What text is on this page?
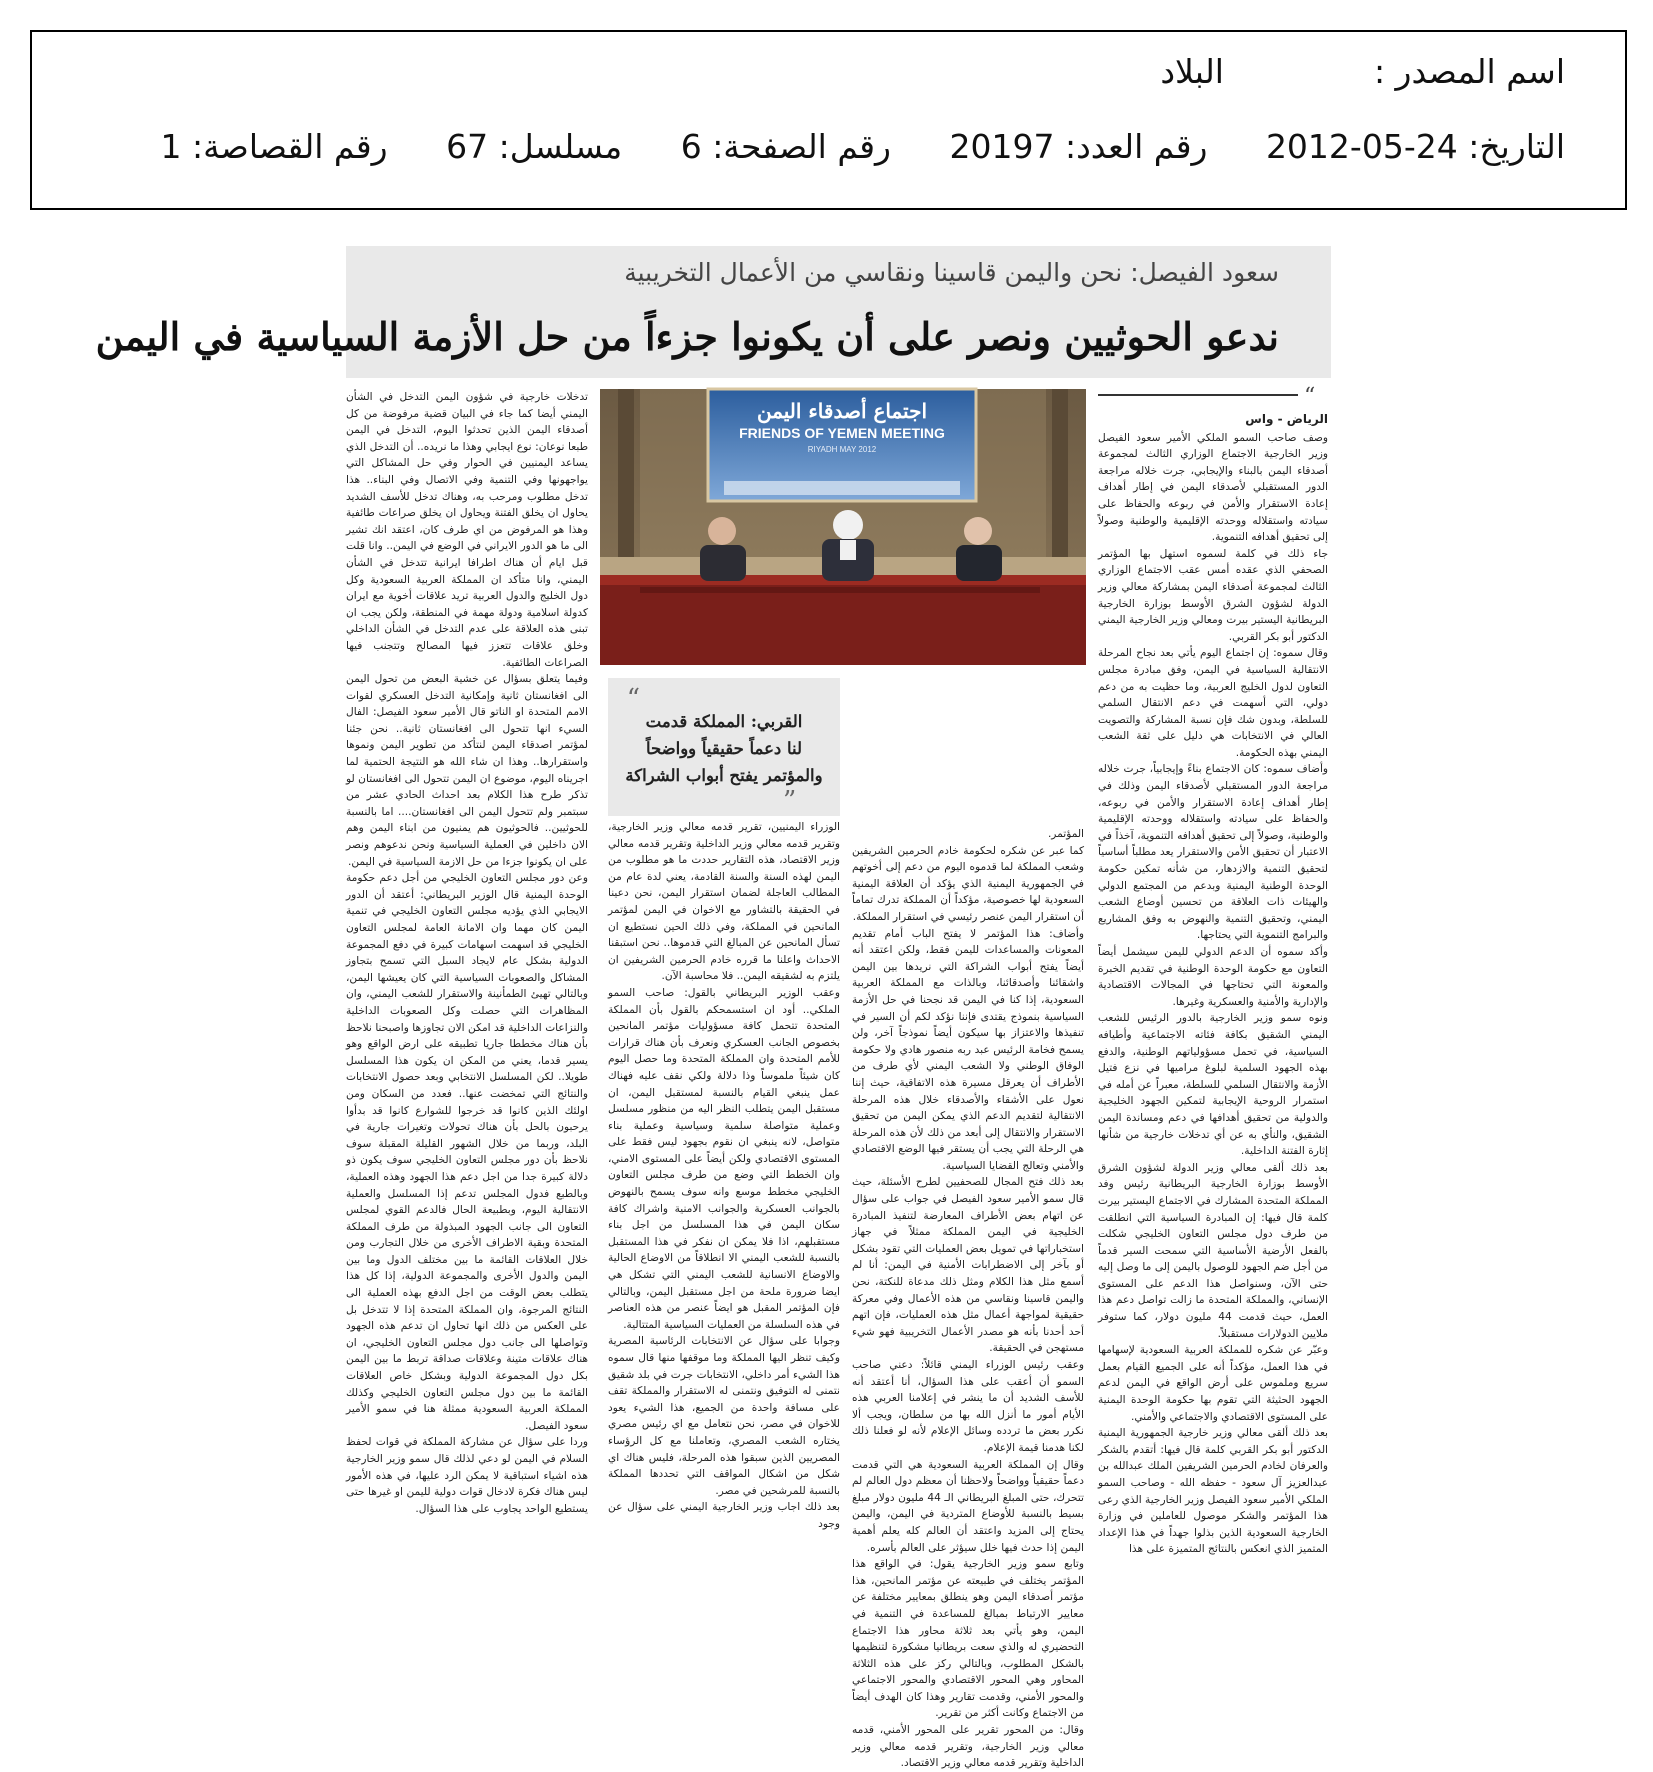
اسم المصدر :البلاد
التاريخ: 2012-05-24 رقم العدد: 20197 رقم الصفحة: 6 مسلسل: 67 رقم القصاصة: 1
سعود الفيصل: نحن واليمن قاسينا ونقاسي من الأعمال التخريبية
ندعو الحوثيين ونصر على أن يكونوا جزءاً من حل الأزمة السياسية في اليمن
“
الرياض - واس

وصف صاحب السمو الملكي الأمير سعود الفيصل وزير الخارجية الاجتماع الوزاري الثالث لمجموعة أصدقاء اليمن بالبناء والإيجابي، جرت خلاله مراجعة الدور المستقبلي لأصدقاء اليمن في إطار أهداف إعادة الاستقرار والأمن في ربوعه والحفاظ على سيادته واستقلاله ووحدته الإقليمية والوطنية وصولاً إلى تحقيق أهدافه التنموية.

جاء ذلك في كلمة لسموه استهل بها المؤتمر الصحفي الذي عقده أمس عقب الاجتماع الوزاري الثالث لمجموعة أصدقاء اليمن بمشاركة معالي وزير الدولة لشؤون الشرق الأوسط بوزارة الخارجية البريطانية اليستير بيرت ومعالي وزير الخارجية اليمني الدكتور أبو بكر القربي.

وقال سموه: إن اجتماع اليوم يأتي بعد نجاح المرحلة الانتقالية السياسية في اليمن، وفق مبادرة مجلس التعاون لدول الخليج العربية، وما حظيت به من دعم دولي، التي أسهمت في دعم الانتقال السلمي للسلطة، وبدون شك فإن نسبة المشاركة والتصويت العالي في الانتخابات هي دليل على ثقة الشعب اليمني بهذه الحكومة.

وأضاف سموه: كان الاجتماع بناءً وإيجابياً، جرت خلاله مراجعة الدور المستقبلي لأصدقاء اليمن وذلك في إطار أهداف إعادة الاستقرار والأمن في ربوعه، والحفاظ على سيادته واستقلاله ووحدته الإقليمية والوطنية، وصولاً إلى تحقيق أهدافه التنموية، آخذاً في الاعتبار أن تحقيق الأمن والاستقرار يعد مطلباً أساسياً لتحقيق التنمية والازدهار، من شأنه تمكين حكومة الوحدة الوطنية اليمنية وبدعم من المجتمع الدولي والهيئات ذات العلاقة من تحسين أوضاع الشعب اليمني، وتحقيق التنمية والنهوض به وفق المشاريع والبرامج التنموية التي يحتاجها.

وأكد سموه أن الدعم الدولي لليمن سيشمل أيضاً التعاون مع حكومة الوحدة الوطنية في تقديم الخبرة والمعونة التي تحتاجها في المجالات الاقتصادية والإدارية والأمنية والعسكرية وغيرها.

ونوه سمو وزير الخارجية بالدور الرئيس للشعب اليمني الشقيق بكافة فئاته الاجتماعية وأطيافه السياسية، في تحمل مسؤولياتهم الوطنية، والدفع بهذه الجهود السلمية لبلوغ مراميها في نزع فتيل الأزمة والانتقال السلمي للسلطة، معبراً عن أمله في استمرار الروحية الإيجابية لتمكين الجهود الخليجية والدولية من تحقيق أهدافها في دعم ومساندة اليمن الشقيق، والنأي به عن أي تدخلات خارجية من شأنها إثارة الفتنة الداخلية.

بعد ذلك ألقى معالي وزير الدولة لشؤون الشرق الأوسط بوزارة الخارجية البريطانية رئيس وفد المملكة المتحدة المشارك في الاجتماع اليستير بيرت كلمة قال فيها: إن المبادرة السياسية التي انطلقت من طرف دول مجلس التعاون الخليجي شكلت بالفعل الأرضية الأساسية التي سمحت السير قدماً من أجل ضم الجهود للوصول باليمن إلى ما وصل إليه حتى الآن، وسنواصل هذا الدعم على المستوى الإنساني، والمملكة المتحدة ما زالت تواصل دعم هذا العمل، حيث قدمت 44 مليون دولار، كما ستوفر ملايين الدولارات مستقبلاً.

وعبّر عن شكره للمملكة العربية السعودية لإسهامها في هذا العمل، مؤكداً أنه على الجميع القيام بعمل سريع وملموس على أرض الواقع في اليمن لدعم الجهود الحثيثة التي تقوم بها حكومة الوحدة اليمنية على المستوى الاقتصادي والاجتماعي والأمني.

بعد ذلك ألقى معالي وزير خارجية الجمهورية اليمنية الدكتور أبو بكر القربي كلمة قال فيها: أتقدم بالشكر والعرفان لخادم الحرمين الشريفين الملك عبدالله بن عبدالعزيز آل سعود - حفظه الله - وصاحب السمو الملكي الأمير سعود الفيصل وزير الخارجية الذي رعى هذا المؤتمر والشكر موصول للعاملين في وزارة الخارجية السعودية الذين بذلوا جهداً في هذا الإعداد المتميز الذي انعكس بالنتائج المتميزة على هذا

اجتماع أصدقاء اليمن
FRIENDS OF YEMEN MEETING
RIYADH MAY 2012

المؤتمر.

كما عبر عن شكره لحكومة خادم الحرمين الشريفين وشعب المملكة لما قدموه اليوم من دعم إلى أخوتهم في الجمهورية اليمنية الذي يؤكد أن العلاقة اليمنية السعودية لها خصوصية، مؤكداً أن المملكة تدرك تماماً أن استقرار اليمن عنصر رئيسي في استقرار المملكة.

وأضاف: هذا المؤتمر لا يفتح الباب أمام تقديم المعونات والمساعدات لليمن فقط، ولكن اعتقد أنه أيضاً يفتح أبواب الشراكة التي نريدها بين اليمن واشقائنا وأصدقائنا، وبالذات مع المملكة العربية السعودية، إذا كنا في اليمن قد نجحنا في حل الأزمة السياسية بنموذج يقتدى فإننا نؤكد لكم أن السير في تنفيذها والاعتزاز بها سيكون أيضاً نموذجاً آخر، ولن يسمح فخامة الرئيس عبد ربه منصور هادي ولا حكومة الوفاق الوطني ولا الشعب اليمني لأي طرف من الأطراف أن يعرقل مسيرة هذه الاتفاقية، حيث إننا نعول على الأشقاء والأصدقاء خلال هذه المرحلة الانتقالية لتقديم الدعم الذي يمكن اليمن من تحقيق الاستقرار والانتقال إلى أبعد من ذلك لأن هذه المرحلة هي الرحلة التي يجب أن يستقر فيها الوضع الاقتصادي والأمني وتعالج القضايا السياسية.

بعد ذلك فتح المجال للصحفيين لطرح الأسئلة، حيث قال سمو الأمير سعود الفيصل في جواب على سؤال عن اتهام بعض الأطراف المعارضة لتنفيذ المبادرة الخليجية في اليمن المملكة ممثلاً في جهاز استخباراتها في تمويل بعض العمليات التي تقود بشكل أو بآخر إلى الاضطرابات الأمنية في اليمن: أنا لم أسمع مثل هذا الكلام ومثل ذلك مدعاة للنكتة، نحن واليمن قاسينا ونقاسي من هذه الأعمال وفي معركة حقيقية لمواجهة أعمال مثل هذه العمليات، فإن اتهم أحد أحدنا بأنه هو مصدر الأعمال التخريبية فهو شيء مستهجن في الحقيقة.

وعقب رئيس الوزراء اليمني قائلاً: دعني صاحب السمو أن أعقب على هذا السؤال، أنا أعتقد أنه للأسف الشديد أن ما ينشر في إعلامنا العربي هذه الأيام أمور ما أنزل الله بها من سلطان، ويجب ألا نكرر بعض ما تردده وسائل الإعلام لأنه لو فعلنا ذلك لكنا هدمنا قيمة الإعلام.

وقال إن المملكة العربية السعودية هي التي قدمت دعماً حقيقياً وواضحاً ولاحظنا أن معظم دول العالم لم تتحرك، حتى المبلغ البريطاني الـ 44 مليون دولار مبلغ بسيط بالنسبة للأوضاع المتردية في اليمن، واليمن يحتاج إلى المزيد واعتقد أن العالم كله يعلم أهمية اليمن إذا حدث فيها خلل سيؤثر على العالم بأسره.

وتابع سمو وزير الخارجية يقول: في الواقع هذا المؤتمر يختلف في طبيعته عن مؤتمر المانحين، هذا مؤتمر أصدقاء اليمن وهو ينطلق بمعايير مختلفة عن معايير الارتباط بمبالغ للمساعدة في التنمية في اليمن، وهو يأتي بعد ثلاثة محاور هذا الاجتماع التحضيري له والذي سعت بريطانيا مشكورة لتنظيمها بالشكل المطلوب، وبالتالي ركز على هذه الثلاثة المحاور وهي المحور الاقتصادي والمحور الاجتماعي والمحور الأمني، وقدمت تقارير وهذا كان الهدف أيضاً من الاجتماع وكانت أكثر من تقرير.

وقال: من المحور تقرير على المحور الأمني، قدمه معالي وزير الخارجية، وتقرير قدمه معالي وزير الداخلية وتقرير قدمه معالي وزير الاقتصاد.

“
القربي: المملكة قدمت
لنا دعماً حقيقياً وواضحاً
والمؤتمر يفتح أبواب الشراكة
”

الوزراء اليمنيين، تقرير قدمه معالي وزير الخارجية، وتقرير قدمه معالي وزير الداخلية وتقرير قدمه معالي وزير الاقتصاد، هذه التقارير حددت ما هو مطلوب من اليمن لهذه السنة والسنة القادمة، يعني لدة عام من المطالب العاجلة لضمان استقرار اليمن، نحن دعينا في الحقيقة بالتشاور مع الاخوان في اليمن لمؤتمر المانحين في المملكة، وفي ذلك الحين نستطيع ان تسأل المانحين عن المبالغ التي قدموها.. نحن استبقنا الاحداث واعلنا ما قرره خادم الحرمين الشريفين ان يلتزم به لشقيقه اليمن.. فلا محاسبة الآن.

وعقب الوزير البريطاني بالقول: صاحب السمو الملكي.. أود ان استسمحكم بالقول بأن المملكة المتحدة تتحمل كافة مسؤوليات مؤتمر المانحين بخصوص الجانب العسكري ونعرف بأن هناك قرارات للأمم المتحدة وان المملكة المتحدة وما حصل اليوم كان شيئاً ملموساً وذا دلالة ولكي نقف عليه فهناك عمل ينبغي القيام بالنسبة لمستقبل اليمن، ان مستقبل اليمن يتطلب النظر اليه من منظور مسلسل وعملية متواصلة سلمية وسياسية وعملية بناء متواصل، لانه ينبغي ان نقوم بجهود ليس فقط على المستوى الاقتصادي ولكن أيضاً على المستوى الامني، وان الخطط التي وضع من طرف مجلس التعاون الخليجي مخطط موسع وانه سوف يسمح بالنهوض بالجوانب العسكرية والجوانب الامنية واشراك كافة سكان اليمن في هذا المسلسل من اجل بناء مستقبلهم، اذا فلا يمكن ان نفكر في هذا المستقبل بالنسبة للشعب اليمني الا انطلاقاً من الاوضاع الحالية والاوضاع الانسانية للشعب اليمني التي تشكل هي ايضا ضرورة ملحة من اجل مستقبل اليمن، وبالتالي فإن المؤتمر المقبل هو ايضاً عنصر من هذه العناصر في هذه السلسلة من العمليات السياسية المتتالية.

وجوابا على سؤال عن الانتخابات الرئاسية المصرية وكيف تنظر اليها المملكة وما موقفها منها قال سموه هذا الشيء أمر داخلي، الانتخابات جرت في بلد شقيق نتمنى له التوفيق ونتمنى له الاستقرار والمملكة تقف على مسافة واحدة من الجميع، هذا الشيء يعود للاخوان في مصر، نحن نتعامل مع اي رئيس مصري يختاره الشعب المصري، وتعاملنا مع كل الرؤساء المصريين الذين سبقوا هذه المرحلة، فليس هناك اي شكل من اشكال المواقف التي تحددها المملكة بالنسبة للمرشحين في مصر.

بعد ذلك اجاب وزير الخارجية اليمني على سؤال عن وجود

تدخلات خارجية في شؤون اليمن التدخل في الشأن اليمني أيضا كما جاء في البيان قضية مرفوضة من كل أصدقاء اليمن الذين تحدثوا اليوم، التدخل في اليمن طبعا نوعان: نوع ايجابي وهذا ما نريده.. أن التدخل الذي يساعد اليمنيين في الحوار وفي حل المشاكل التي يواجهونها وفي التنمية وفي الاتصال وفي البناء.. هذا تدخل مطلوب ومرحب به، وهناك تدخل للأسف الشديد يحاول ان يخلق الفتنة ويحاول ان يخلق صراعات طائفية وهذا هو المرفوض من اي طرف كان، اعتقد انك تشير الى ما هو الدور الايراني في الوضع في اليمن.. وانا قلت قبل ايام أن هناك اطرافا ايرانية تتدخل في الشأن اليمني، وانا متأكد ان المملكة العربية السعودية وكل دول الخليج والدول العربية تريد علاقات أخوية مع ايران كدولة اسلامية ودولة مهمة في المنطقة، ولكن يجب ان تبنى هذه العلاقة على عدم التدخل في الشأن الداخلي وخلق علاقات تتعزز فيها المصالح وتتجنب فيها الصراعات الطائفية.

وفيما يتعلق بسؤال عن خشية البعض من تحول اليمن الى افغانستان ثانية وإمكانية التدخل العسكري لقوات الامم المتحدة او الناتو قال الأمير سعود الفيصل: الفال السيء انها تتحول الى افغانستان ثانية.. نحن جئنا لمؤتمر اصدقاء اليمن لنتأكد من تطوير اليمن ونموها واستقرارها.. وهذا ان شاء الله هو النتيجة الحتمية لما اجريناه اليوم، موضوع ان اليمن تتحول الى افغانستان لو تذكر طرح هذا الكلام بعد احداث الحادي عشر من سبتمبر ولم تتحول اليمن الى افغانستان.... اما بالنسبة للحوثيين.. فالحوثيون هم يمنيون من ابناء اليمن وهم الان داخلين في العملية السياسية ونحن ندعوهم ونصر على ان يكونوا جزءا من حل الازمة السياسية في اليمن.

وعن دور مجلس التعاون الخليجي من أجل دعم حكومة الوحدة اليمنية قال الوزير البريطاني: أعتقد أن الدور الايجابي الذي يؤديه مجلس التعاون الخليجي في تنمية اليمن كان مهما وان الامانة العامة لمجلس التعاون الخليجي قد اسهمت اسهامات كبيرة في دفع المجموعة الدولية بشكل عام لايجاد السبل التي تسمح بتجاوز المشاكل والصعوبات السياسية التي كان يعيشها اليمن، وبالتالي تهيئ الطمأنينة والاستقرار للشعب اليمني، وان المظاهرات التي حصلت وكل الصعوبات الداخلية والنزاعات الداخلية قد امكن الان تجاوزها واصبحنا نلاحظ بأن هناك مخططا جاريا تطبيقه على ارض الواقع وهو يسير قدما، يعني من المكن ان يكون هذا المسلسل طويلا.. لكن المسلسل الانتخابي وبعد حصول الانتخابات والنتائج التي تمخضت عنها.. فعدد من السكان ومن اولئك الذين كانوا قد خرجوا للشوارع كانوا قد بدأوا يرحبون بالحل بأن هناك تحولات وتغيرات جارية في البلد، وربما من خلال الشهور القليلة المقبلة سوف نلاحظ بأن دور مجلس التعاون الخليجي سوف يكون ذو دلالة كبيرة جدا من اجل دعم هذا الجهود وهذه العملية، وبالطبع فدول المجلس تدعم إذا المسلسل والعملية الانتقالية اليوم، وبطبيعة الحال فالدعم القوي لمجلس التعاون الى جانب الجهود المبذولة من طرف المملكة المتحدة وبقية الاطراف الأخرى من خلال التجارب ومن خلال العلاقات القائمة ما بين مختلف الدول وما بين اليمن والدول الأخرى والمجموعة الدولية، إذا كل هذا يتطلب بعض الوقت من اجل الدفع بهذه العملية الى النتائج المرجوة، وان المملكة المتحدة إذا لا تتدخل بل على العكس من ذلك انها تحاول ان تدعم هذه الجهود وتواصلها الى جانب دول مجلس التعاون الخليجي، ان هناك علاقات متينة وعلاقات صداقة تربط ما بين اليمن بكل دول المجموعة الدولية وبشكل خاص العلاقات القائمة ما بين دول مجلس التعاون الخليجي وكذلك المملكة العربية السعودية ممثلة هنا في سمو الأمير سعود الفيصل.

وردا على سؤال عن مشاركة المملكة في قوات لحفظ السلام في اليمن لو دعي لذلك قال سمو وزير الخارجية هذه اشياء استباقية لا يمكن الرد عليها، في هذه الأمور ليس هناك فكرة لادخال قوات دولية لليمن او غيرها حتى يستطيع الواحد يجاوب على هذا السؤال.
